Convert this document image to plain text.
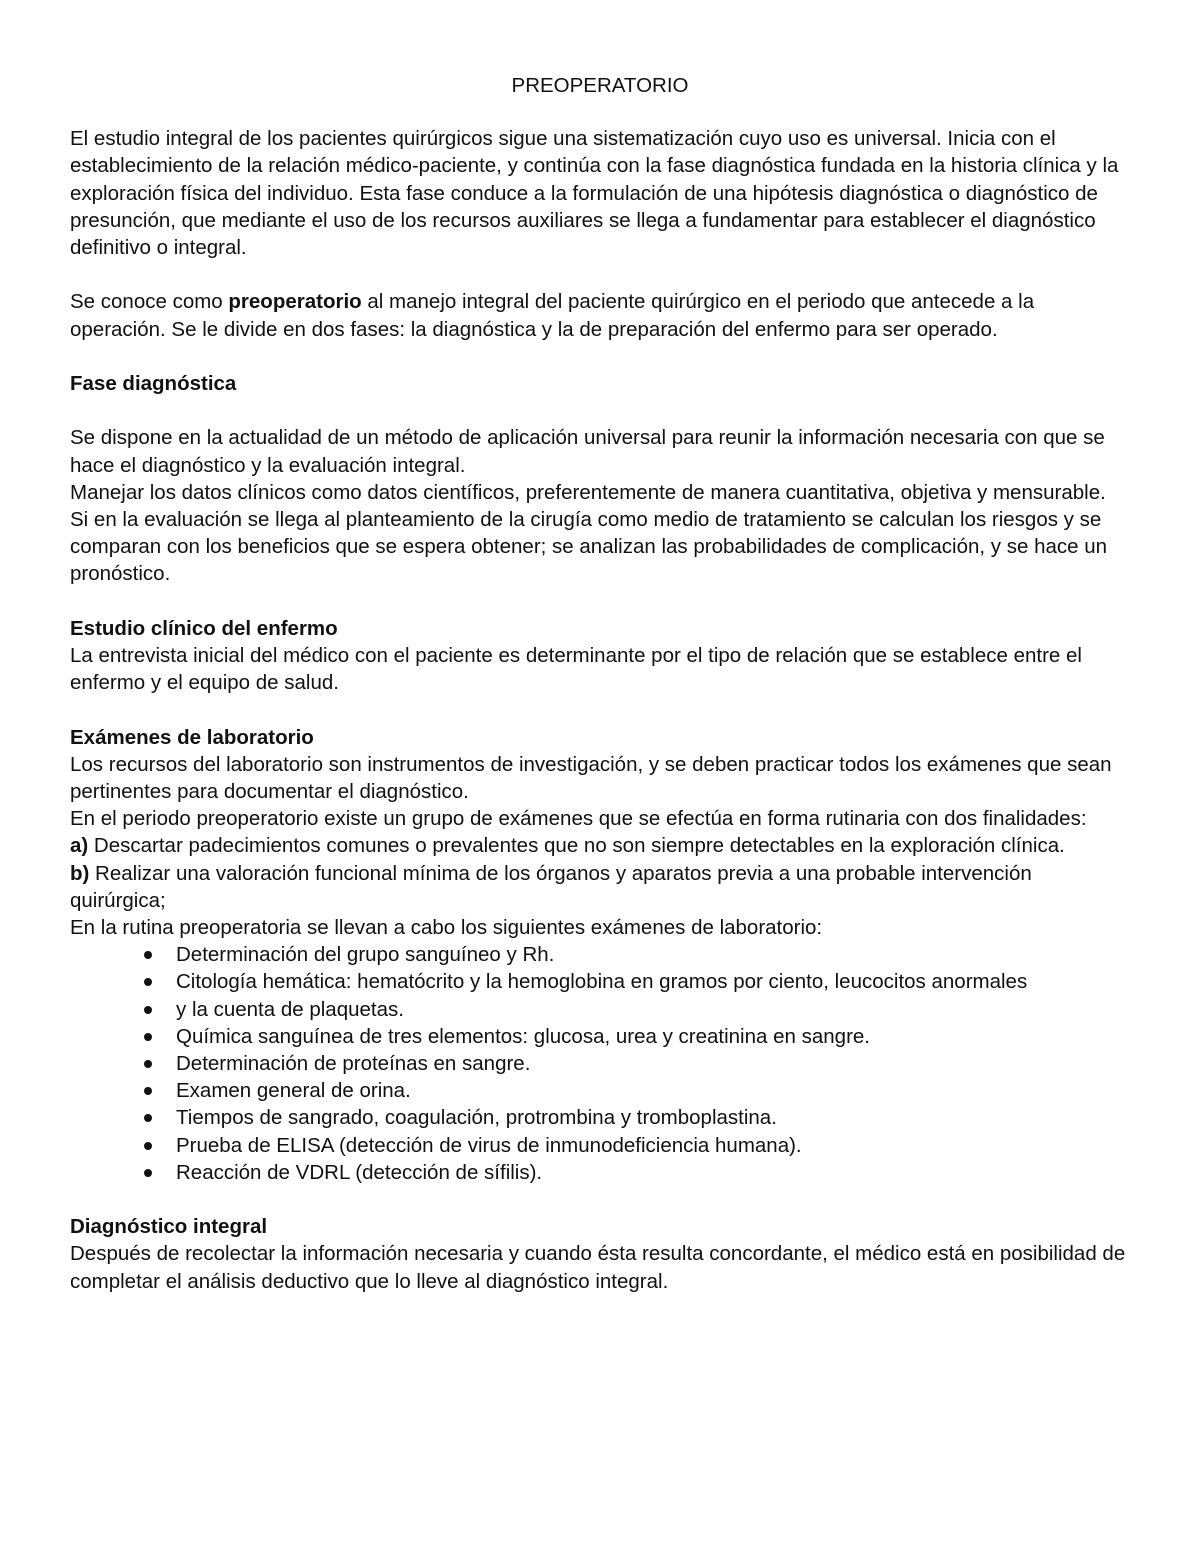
PREOPERATORIO

El estudio integral de los pacientes quirúrgicos sigue una sistematización cuyo uso es universal. Inicia con el establecimiento de la relación médico-paciente, y continúa con la fase diagnóstica fundada en la historia clínica y la exploración física del individuo. Esta fase conduce a la formulación de una hipótesis diagnóstica o diagnóstico de presunción, que mediante el uso de los recursos auxiliares se llega a fundamentar para establecer el diagnóstico definitivo o integral.

Se conoce como preoperatorio al manejo integral del paciente quirúrgico en el periodo que antecede a la operación. Se le divide en dos fases: la diagnóstica y la de preparación del enfermo para ser operado.

Fase diagnóstica

Se dispone en la actualidad de un método de aplicación universal para reunir la información necesaria con que se hace el diagnóstico y la evaluación integral.

Manejar los datos clínicos como datos científicos, preferentemente de manera cuantitativa, objetiva y mensurable.

Si en la evaluación se llega al planteamiento de la cirugía como medio de tratamiento se calculan los riesgos y se comparan con los beneficios que se espera obtener; se analizan las probabilidades de complicación, y se hace un pronóstico.

Estudio clínico del enfermo

La entrevista inicial del médico con el paciente es determinante por el tipo de relación que se establece entre el enfermo y el equipo de salud.

Exámenes de laboratorio

Los recursos del laboratorio son instrumentos de investigación, y se deben practicar todos los exámenes que sean pertinentes para documentar el diagnóstico.

En el periodo preoperatorio existe un grupo de exámenes que se efectúa en forma rutinaria con dos finalidades:

a) Descartar padecimientos comunes o prevalentes que no son siempre detectables en la exploración clínica.

b) Realizar una valoración funcional mínima de los órganos y aparatos previa a una probable intervención quirúrgica;

En la rutina preoperatoria se llevan a cabo los siguientes exámenes de laboratorio:

Determinación del grupo sanguíneo y Rh.
Citología hemática: hematócrito y la hemoglobina en gramos por ciento, leucocitos anormales
y la cuenta de plaquetas.
Química sanguínea de tres elementos: glucosa, urea y creatinina en sangre.
Determinación de proteínas en sangre.
Examen general de orina.
Tiempos de sangrado, coagulación, protrombina y tromboplastina.
Prueba de ELISA (detección de virus de inmunodeficiencia humana).
Reacción de VDRL (detección de sífilis).

Diagnóstico integral

Después de recolectar la información necesaria y cuando ésta resulta concordante, el médico está en posibilidad de completar el análisis deductivo que lo lleve al diagnóstico integral.
